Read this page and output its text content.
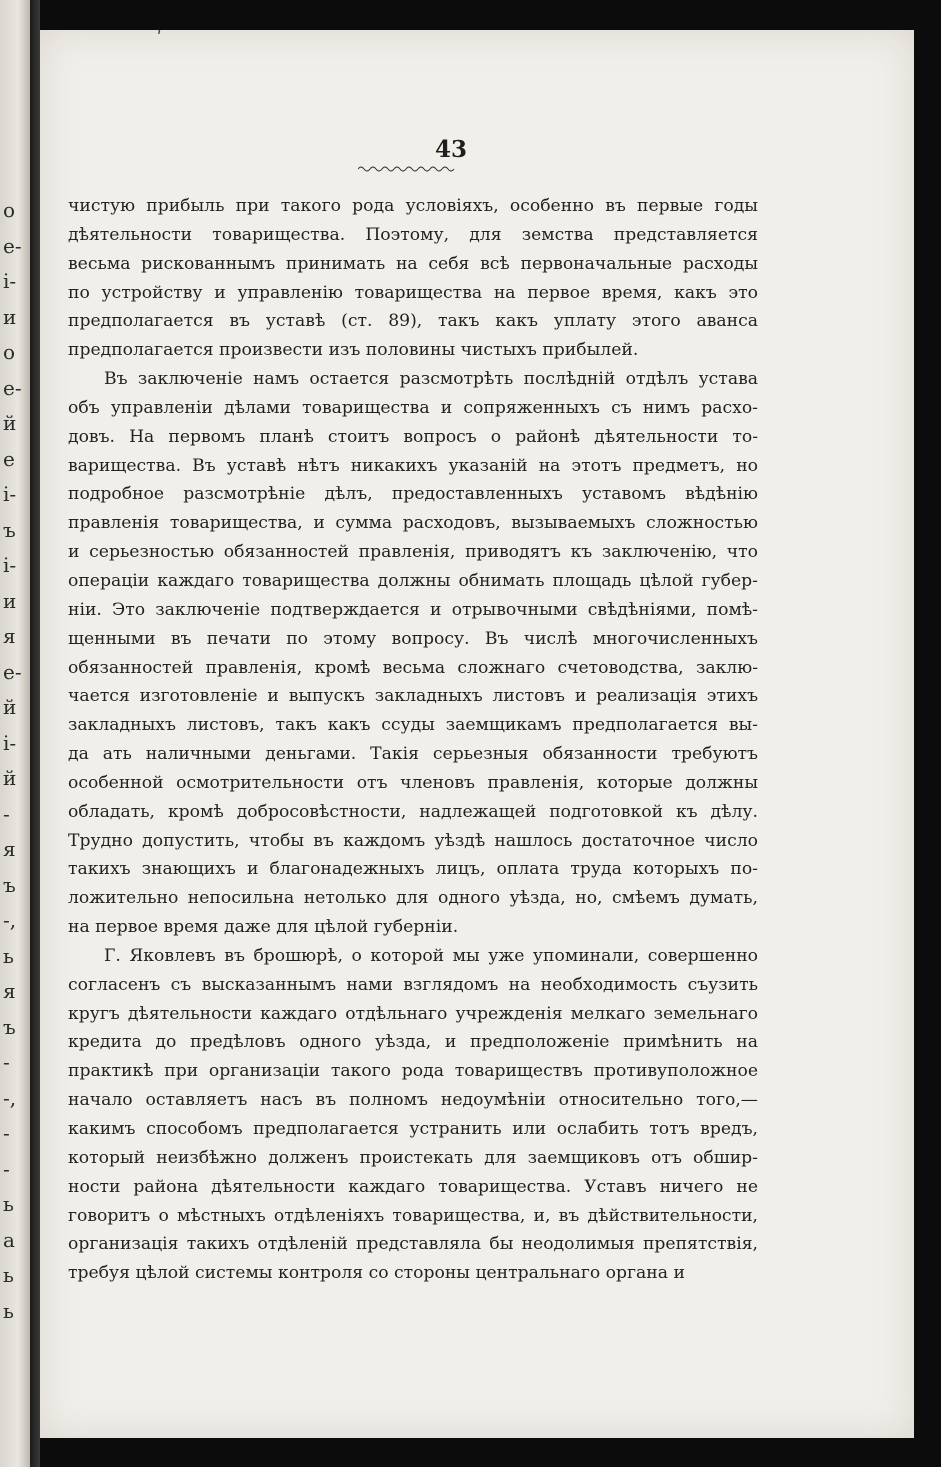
о
е-
і-
и
о
е-
й
е
і-
ъ
і-
и
я
е-
й
і-
й
-
я
ъ
-,
ь
я
ъ
-
-,
-
-
ь
а
ь
ь
ʹ
43
чистую прибыль при такого рода условіяхъ, особенно въ первые годы
дѣятельности товарищества. Поэтому, для земства представляется
весьма рискованнымъ принимать на себя всѣ первоначальные расходы
по устройству и управленію товарищества на первое время, какъ это
предполагается въ уставѣ (ст. 89), такъ какъ уплату этого аванса
предполагается произвести изъ половины чистыхъ прибылей.
Въ заключеніе намъ остается разсмотрѣть послѣдній отдѣлъ устава
объ управленіи дѣлами товарищества и сопряженныхъ съ нимъ расхо-
довъ. На первомъ планѣ стоитъ вопросъ о районѣ дѣятельности то-
варищества. Въ уставѣ нѣтъ никакихъ указаній на этотъ предметъ, но
подробное разсмотрѣніе дѣлъ, предоставленныхъ уставомъ вѣдѣнію
правленія товарищества, и сумма расходовъ, вызываемыхъ сложностью
и серьезностью обязанностей правленія, приводятъ къ заключенію, что
операціи каждаго товарищества должны обнимать площадь цѣлой губер-
ніи. Это заключеніе подтверждается и отрывочными свѣдѣніями, помѣ-
щенными въ печати по этому вопросу. Въ числѣ многочисленныхъ
обязанностей правленія, кромѣ весьма сложнаго счетоводства, заклю-
чается изготовленіе и выпускъ закладныхъ листовъ и реализація этихъ
закладныхъ листовъ, такъ какъ ссуды заемщикамъ предполагается вы-
да ать наличными деньгами. Такія серьезныя обязанности требуютъ
особенной осмотрительности отъ членовъ правленія, которые должны
обладать, кромѣ добросовѣстности, надлежащей подготовкой къ дѣлу.
Трудно допустить, чтобы въ каждомъ уѣздѣ нашлось достаточное число
такихъ знающихъ и благонадежныхъ лицъ, оплата труда которыхъ по-
ложительно непосильна нетолько для одного уѣзда, но, смѣемъ думать,
на первое время даже для цѣлой губерніи.
Г. Яковлевъ въ брошюрѣ, о которой мы уже упоминали, совершенно
согласенъ съ высказаннымъ нами взглядомъ на необходимость съузить
кругъ дѣятельности каждаго отдѣльнаго учрежденія мелкаго земельнаго
кредита до предѣловъ одного уѣзда, и предположеніе примѣнить на
практикѣ при организаціи такого рода товариществъ противуположное
начало оставляетъ насъ въ полномъ недоумѣніи относительно того,—
какимъ способомъ предполагается устранить или ослабить тотъ вредъ,
который неизбѣжно долженъ проистекать для заемщиковъ отъ обшир-
ности района дѣятельности каждаго товарищества. Уставъ ничего не
говоритъ о мѣстныхъ отдѣленіяхъ товарищества, и, въ дѣйствительности,
организація такихъ отдѣленій представляла бы неодолимыя препятствія,
требуя цѣлой системы контроля со стороны центральнаго органа и
